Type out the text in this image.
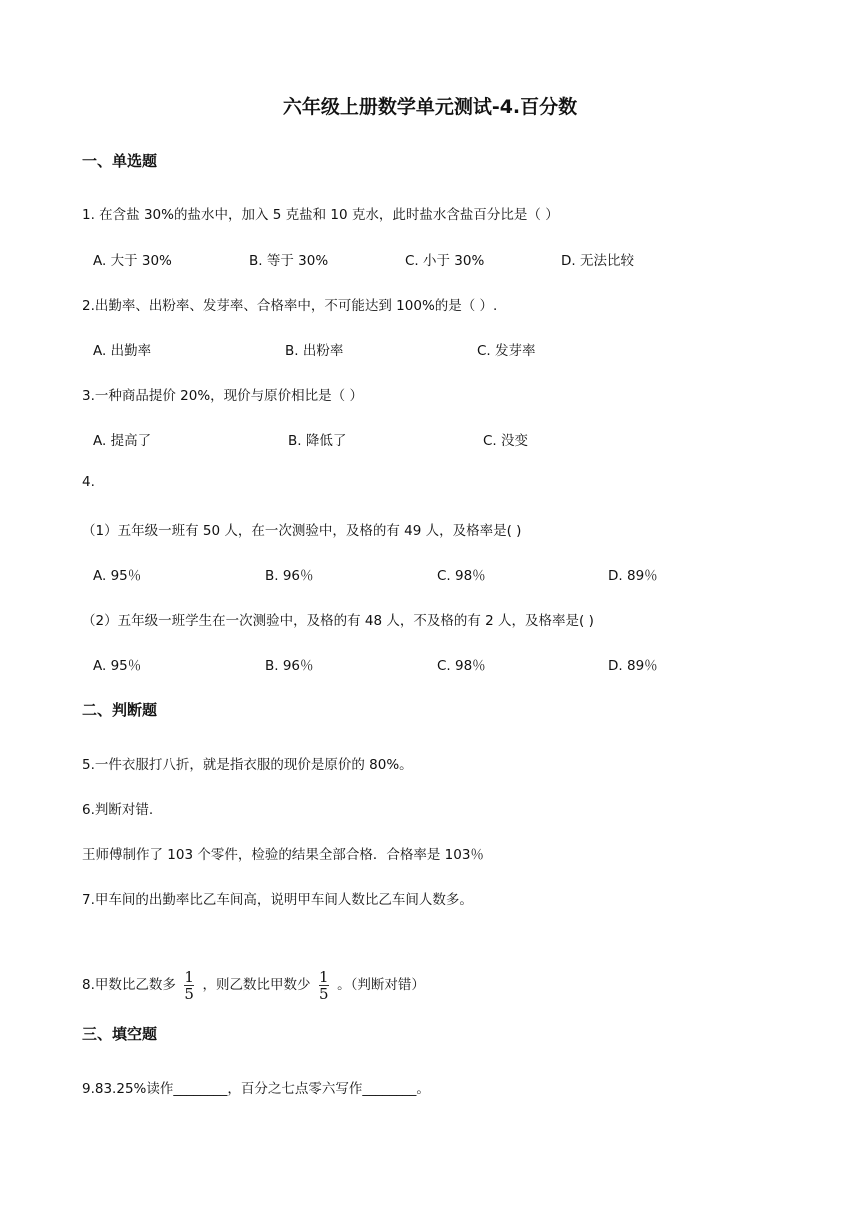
六年级上册数学单元测试-4.百分数
一、单选题
1. 在含盐 30%的盐水中，加入 5 克盐和 10 克水，此时盐水含盐百分比是（ ）
A. 大于 30%	B. 等于 30%	C. 小于 30%	D. 无法比较
2.出勤率、出粉率、发芽率、合格率中，不可能达到 100%的是（ ）.
A. 出勤率	B. 出粉率	C. 发芽率
3.一种商品提价 20%，现价与原价相比是（ ）
A. 提高了	B. 降低了	C. 没变
4.
（1）五年级一班有 50 人，在一次测验中，及格的有 49 人，及格率是( )
A. 95％	B. 96％	C. 98％	D. 89％
（2）五年级一班学生在一次测验中，及格的有 48 人，不及格的有 2 人，及格率是( )
A. 95％	B. 96％	C. 98％	D. 89％
二、判断题
5.一件衣服打八折，就是指衣服的现价是原价的 80%。
6.判断对错.
王师傅制作了 103 个零件，检验的结果全部合格．合格率是 103％
7.甲车间的出勤率比乙车间高，说明甲车间人数比乙车间人数多。
8.甲数比乙数多 $\frac{1}{5}$ ，则乙数比甲数少 $\frac{1}{5}$ 。（判断对错）
三、填空题
9.83.25%读作________，百分之七点零六写作________。
